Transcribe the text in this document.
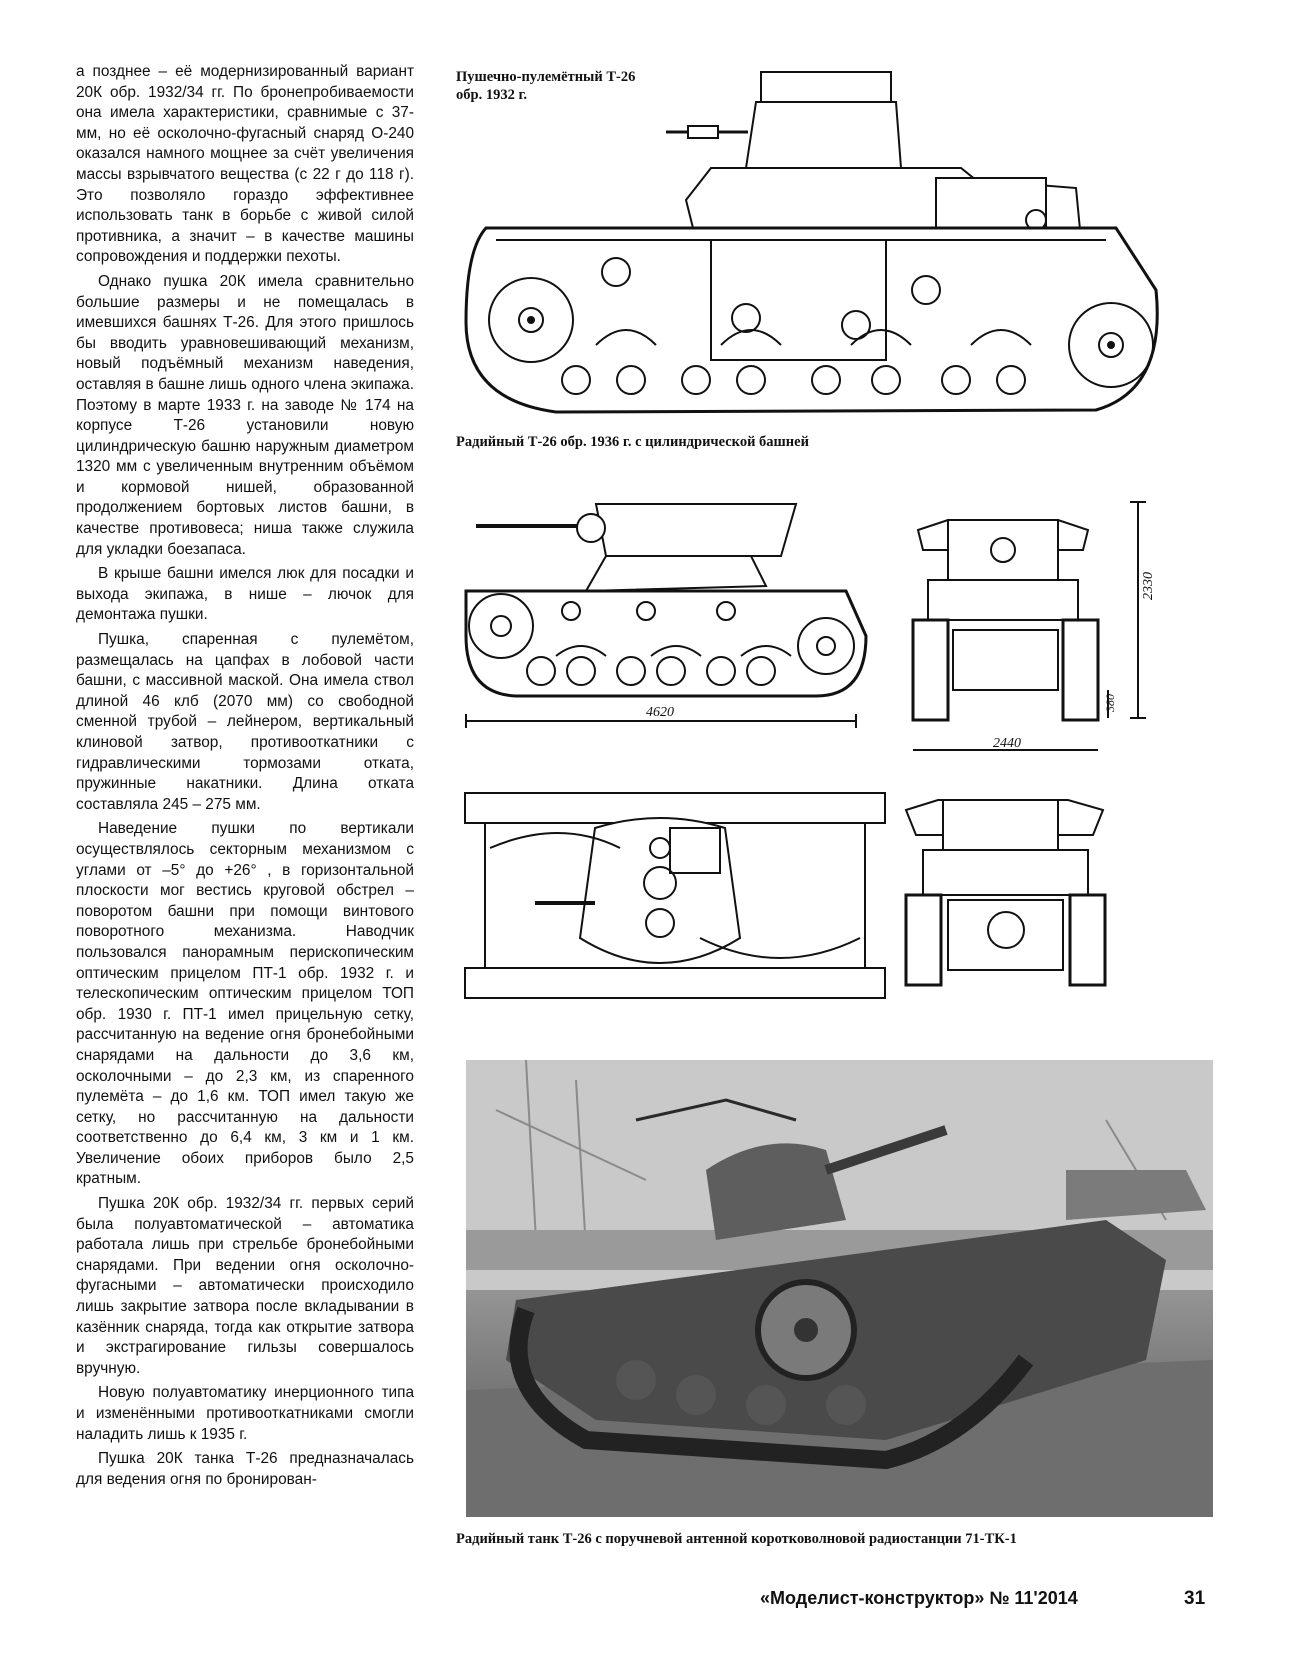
а позднее – её модернизированный вариант 20К обр. 1932/34 гг. По бронепробиваемости она имела характеристики, сравнимые с 37-мм, но её осколочно-фугасный снаряд О-240 оказался намного мощнее за счёт увеличения массы взрывчатого вещества (с 22 г до 118 г). Это позволяло гораздо эффективнее использовать танк в борьбе с живой силой противника, а значит – в качестве машины сопровождения и поддержки пехоты.

Однако пушка 20К имела сравнительно большие размеры и не помещалась в имевшихся башнях Т-26. Для этого пришлось бы вводить уравновешивающий механизм, новый подъёмный механизм наведения, оставляя в башне лишь одного члена экипажа. Поэтому в марте 1933 г. на заводе № 174 на корпусе Т-26 установили новую цилиндрическую башню наружным диаметром 1320 мм с увеличенным внутренним объёмом и кормовой нишей, образованной продолжением бортовых листов башни, в качестве противовеса; ниша также служила для укладки боезапаса.

В крыше башни имелся люк для посадки и выхода экипажа, в нише – лючок для демонтажа пушки.

Пушка, спаренная с пулемётом, размещалась на цапфах в лобовой части башни, с массивной маской. Она имела ствол длиной 46 клб (2070 мм) со свободной сменной трубой – лейнером, вертикальный клиновой затвор, противооткатники с гидравлическими тормозами отката, пружинные накатники. Длина отката составляла 245 – 275 мм.

Наведение пушки по вертикали осуществлялось секторным механизмом с углами от –5° до +26° , в горизонтальной плоскости мог вестись круговой обстрел – поворотом башни при помощи винтового поворотного механизма. Наводчик пользовался панорамным перископическим оптическим прицелом ПТ-1 обр. 1932 г. и телескопическим оптическим прицелом ТОП обр. 1930 г. ПТ-1 имел прицельную сетку, рассчитанную на ведение огня бронебойными снарядами на дальности до 3,6 км, осколочными – до 2,3 км, из спаренного пулемёта – до 1,6 км. ТОП имел такую же сетку, но рассчитанную на дальности соответственно до 6,4 км, 3 км и 1 км. Увеличение обоих приборов было 2,5 кратным.

Пушка 20К обр. 1932/34 гг. первых серий была полуавтоматической – автоматика работала лишь при стрельбе бронебойными снарядами. При ведении огня осколочно-фугасными – автоматически происходило лишь закрытие затвора после вкладывании в казённик снаряда, тогда как открытие затвора и экстрагирование гильзы совершалось вручную.

Новую полуавтоматику инерционного типа и изменёнными противооткатниками смогли наладить лишь к 1935 г.

Пушка 20К танка Т-26 предназначалась для ведения огня по бронирован-

Пушечно-пулемётный Т-26
обр. 1932 г.
Радийный Т-26 обр. 1936 г. с цилиндрической башней
4620
2440
2330
380
Радийный танк Т-26 с поручневой антенной коротковолновой радиостанции 71-ТК-1
«Моделист-конструктор» № 11'2014	31
